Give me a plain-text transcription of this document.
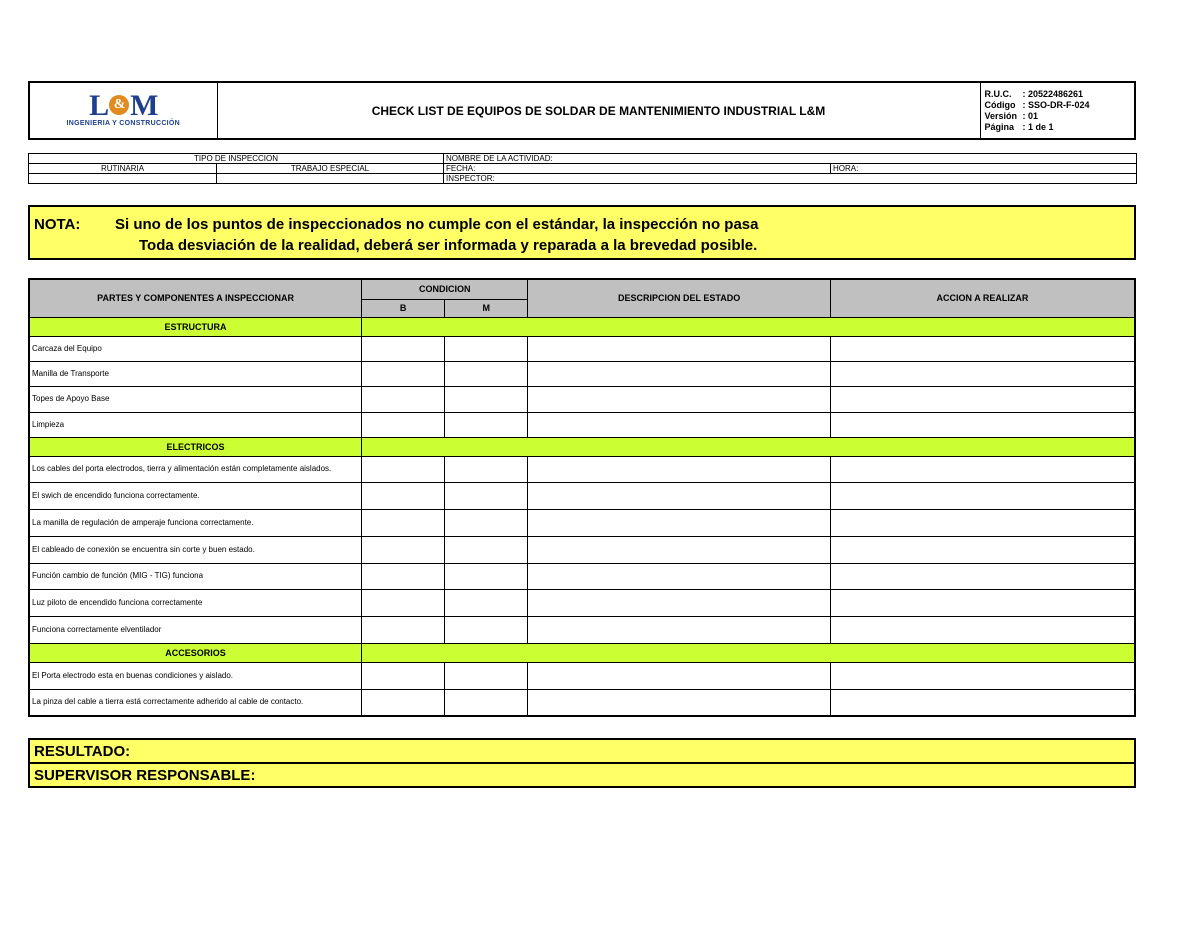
L & M
INGENIERIA Y CONSTRUCCIÓN
	CHECK LIST DE EQUIPOS DE SOLDAR DE MANTENIMIENTO INDUSTRIAL L&M	
R.U.C. : 20522486261
Código : SSO-DR-F-024
Versión : 01
Página : 1 de 1
TIPO DE INSPECCION		NOMBRE DE LA ACTIVIDAD:	
RUTINARIA	TRABAJO ESPECIAL	FECHA:	HORA:
		INSPECTOR:	
NOTA: Si uno de los puntos de inspeccionados no cumple con el estándar, la inspección no pasa
Toda desviación de la realidad, deberá ser informada y reparada a la brevedad posible.
PARTES Y COMPONENTES A INSPECCIONAR	CONDICION		DESCRIPCION DEL ESTADO	ACCION A REALIZAR
	B	M		
ESTRUCTURA				
Carcaza del Equipo				
Manilla de Transporte				
Topes de Apoyo Base				
Limpieza				
ELECTRICOS				
Los cables del porta electrodos, tierra y alimentación están completamente aislados.				
El swich de encendido funciona correctamente.				
La manilla de regulación de amperaje funciona correctamente.				
El cableado de conexión se encuentra sin corte y buen estado.				
Función cambio de función (MIG - TIG) funciona				
Luz piloto de encendido funciona correctamente				
Funciona correctamente elventilador				
ACCESORIOS				
El Porta electrodo esta en buenas condiciones y aislado.				
La pinza del cable a tierra está correctamente adherido al cable de contacto.				
RESULTADO:
SUPERVISOR RESPONSABLE:
